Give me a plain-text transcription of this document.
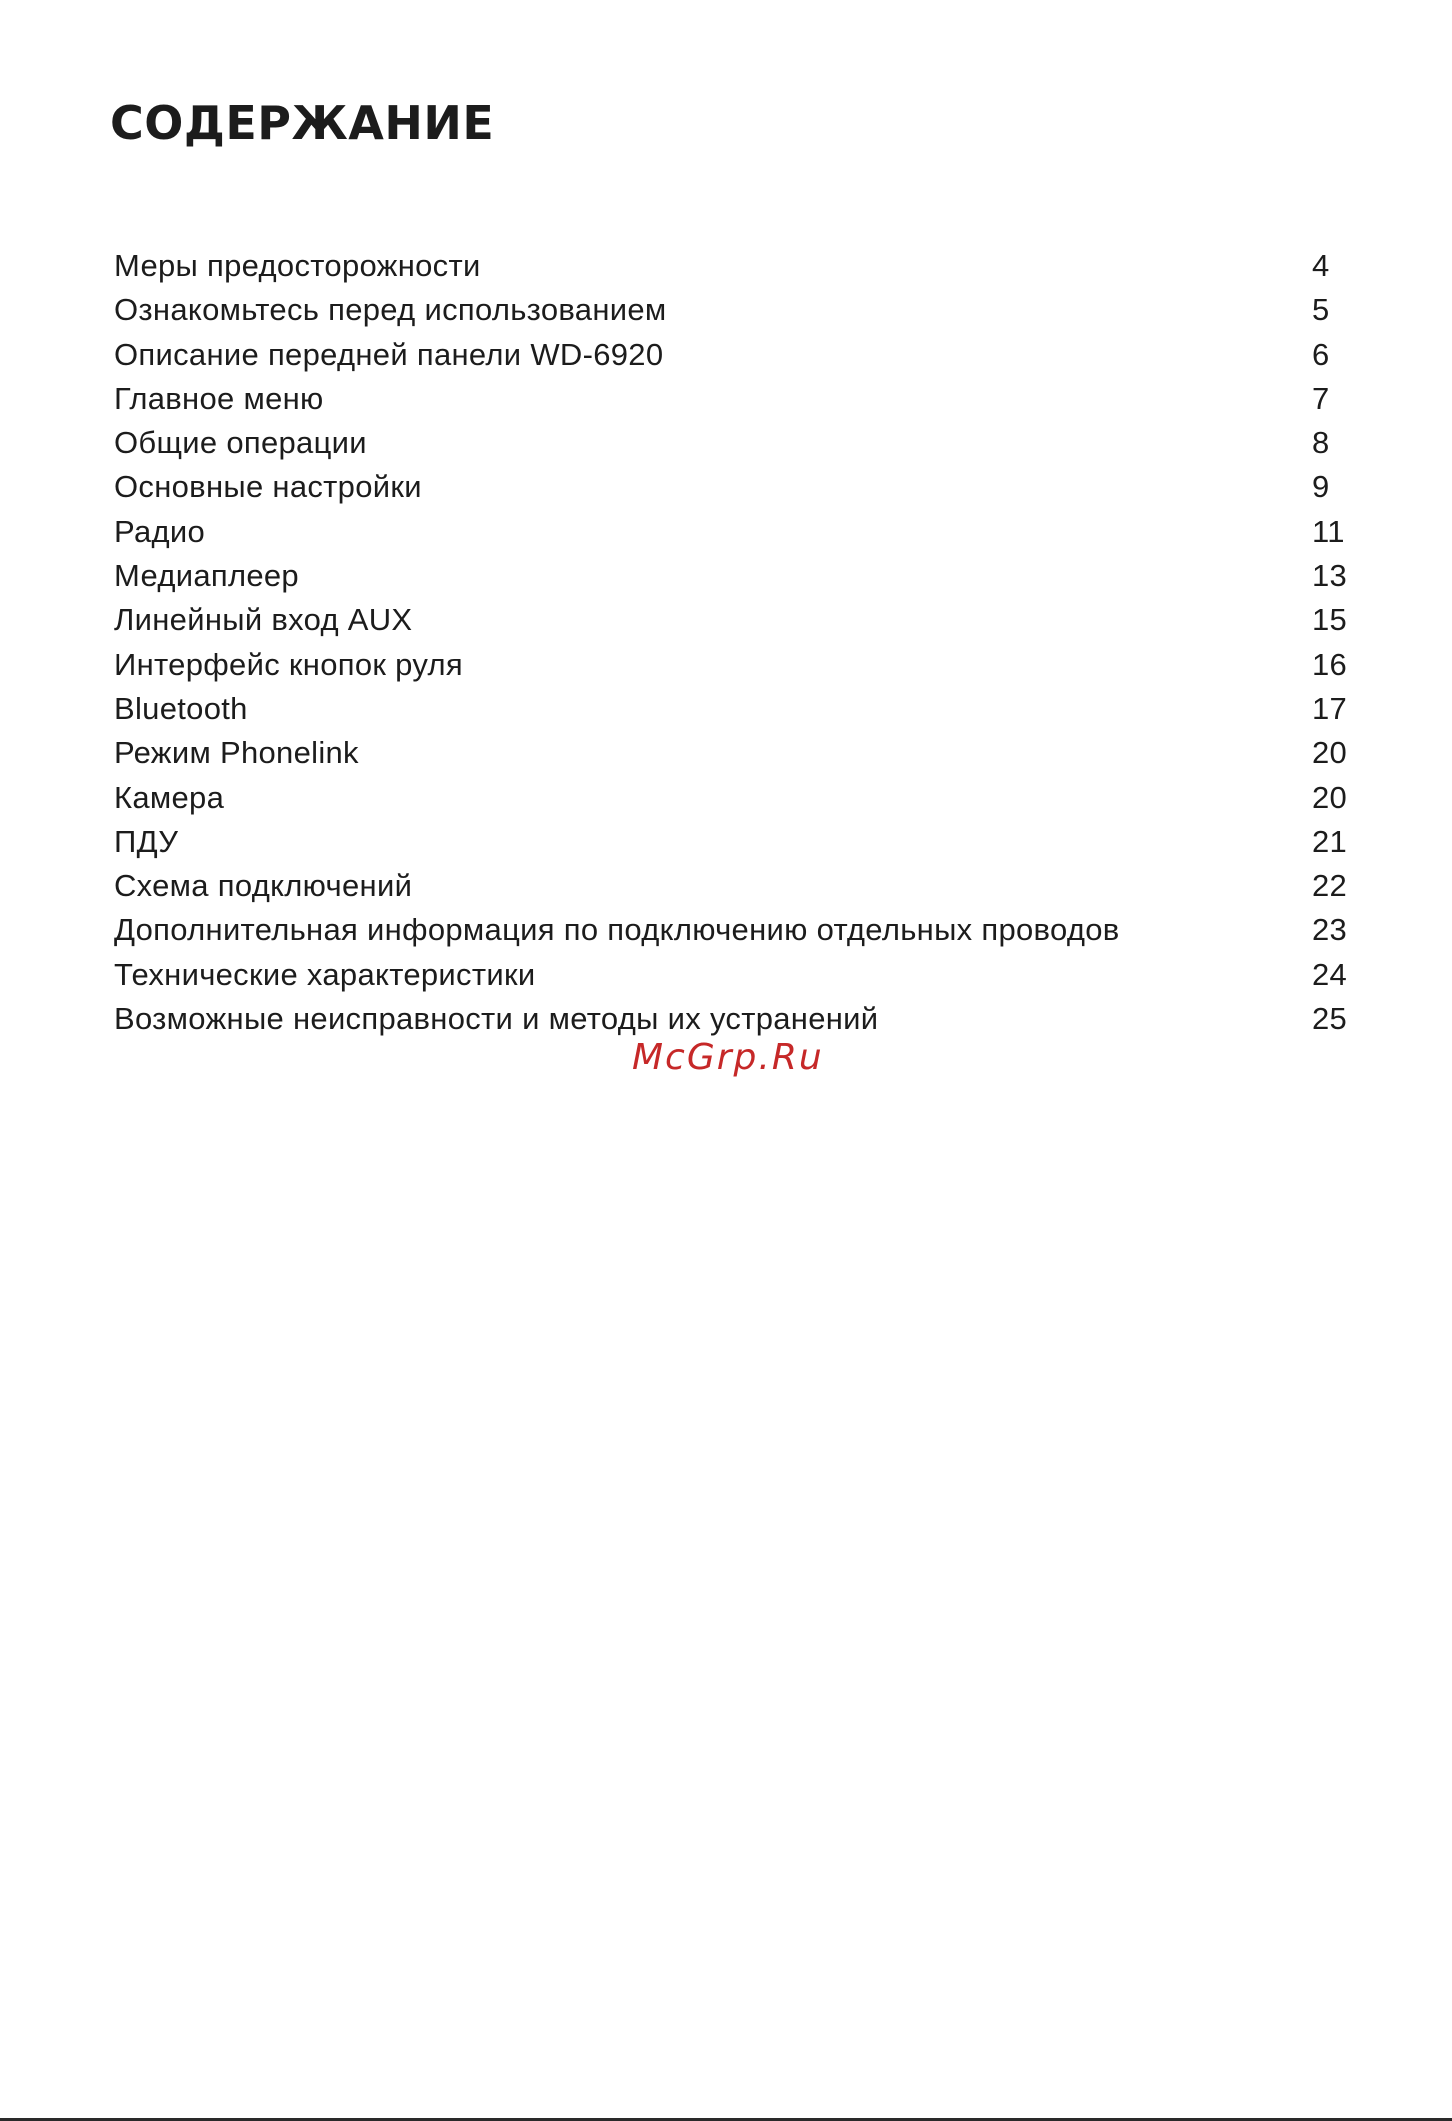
СОДЕРЖАНИЕ
Меры предосторожности	4
Ознакомьтесь перед использованием	5
Описание передней панели WD-6920	6
Главное меню	7
Общие операции	8
Основные настройки	9
Радио	11
Медиаплеер	13
Линейный вход AUX	15
Интерфейс кнопок руля	16
Bluetooth	17
Режим Phonelink	20
Камера	20
ПДУ	21
Схема подключений	22
Дополнительная информация по подключению отдельных проводов	23
Технические характеристики	24
Возможные неисправности и методы их устранений	25
McGrp.Ru
